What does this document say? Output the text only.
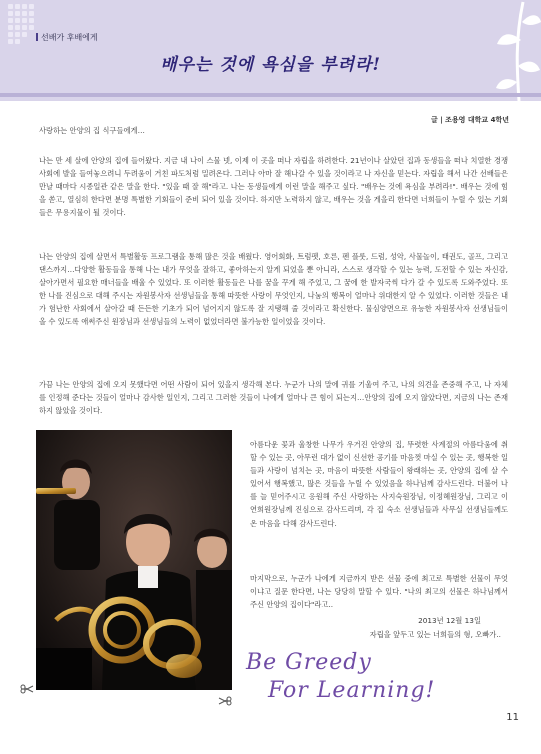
선배가 후배에게
배우는 것에 욕심을 부려라!
글 | 조용영 대학교 4학년

사랑하는 안양의 집 식구들에게…

나는 만 세 살에 안양의 집에 들어왔다. 지금 내 나이 스물 넷, 이제 이 곳을 떠나 자립을 하려한다. 21년이나 살았던 집과 동생들을 떠나 치열한 경쟁사회에 발을 들여놓으려니 두려움이 거친 파도처럼 밀려온다. 그러나 아마 잘 해나갈 수 있을 것이라고 나 자신을 믿는다. 자립을 해서 나간 선배들은 만날 때마다 시종일관 같은 말을 한다. "있을 때 잘 해"라고. 나는 동생들에게 이런 말을 해주고 싶다. "배우는 것에 욕심을 부려라!". 배우는 것에 힘을 쏟고, 열심히 한다면 분명 특별한 기회들이 준비 되어 있을 것이다. 하지만 노력하지 않고, 배우는 것을 게을리 한다면 너희들이 누릴 수 있는 기회들은 무용지물이 될 것이다.

나는 안양의 집에 살면서 특별활동 프로그램을 통해 많은 것을 배웠다. 영어회화, 트럼펫, 호른, 펜 플룻, 드럼, 성악, 사물놀이, 태권도, 골프, 그리고 댄스까지…다양한 활동들을 통해 나는 내가 무엇을 잘하고, 좋아하는지 알게 되었을 뿐 아니라, 스스로 생각할 수 있는 능력, 도전할 수 있는 자신감, 살아가면서 필요한 매너들을 배울 수 있었다. 또 이러한 활동들은 나를 꿈을 꾸게 해 주었고, 그 꿈에 한 발자국씩 다가 갈 수 있도록 도와주었다. 또한 나를 진심으로 대해 주시는 자원봉사자 선생님들을 통해 따뜻한 사랑이 무엇인지, 나눔의 행복이 얼마나 위대한지 알 수 있었다. 이러한 것들은 내가 험난한 사회에서 살아갈 때 든든한 기초가 되어 넘어지지 않도록 잘 지탱해 줄 것이라고 확신한다. 물심양면으로 유능한 자원봉사자 선생님들이 올 수 있도록 애써주신 원장님과 선생님들의 노력이 없었더라면 불가능한 일이었을 것이다.

가끔 나는 안양의 집에 오지 못했다면 어떤 사람이 되어 있을지 생각해 본다. 누군가 나의 말에 귀를 기울여 주고, 나의 의견을 존중해 주고, 나 자체를 인정해 준다는 것들이 얼마나 감사한 일인지, 그리고 그러한 것들이 나에게 얼마나 큰 힘이 되는지…안양의 집에 오지 않았다면, 지금의 나는 존재하지 않았을 것이다.

아름다운 꽃과 울창한 나무가 우거진 안양의 집, 뚜렷한 사계절의 아름다움에 취할 수 있는 곳, 아무런 대가 없이 신선한 공기를 마음껏 마실 수 있는 곳, 행복한 일들과 사랑이 넘치는 곳, 마음이 따뜻한 사람들이 왕래하는 곳, 안양의 집에 살 수 있어서 행복했고, 많은 것들을 누릴 수 있었음을 하나님께 감사드린다. 더불어 나를 늘 믿어주시고 응원해 주신 사랑하는 사지숙원장님, 이정혜원장님, 그리고 이연희원장님께 진심으로 감사드리며, 각 집 숙소 선생님들과 사무실 선생님들께도 온 마음을 다해 감사드린다.

마지막으로, 누군가 나에게 지금까지 받은 선물 중에 최고로 특별한 선물이 무엇이냐고 질문 한다면, 나는 당당히 말할 수 있다. "나의 최고의 선물은 하나님께서 주신 안양의 집이다"라고..

2013년 12월 13일
자립을 앞두고 있는 너희들의 형, 오빠가..
Be Greedy
For Learning!
11
